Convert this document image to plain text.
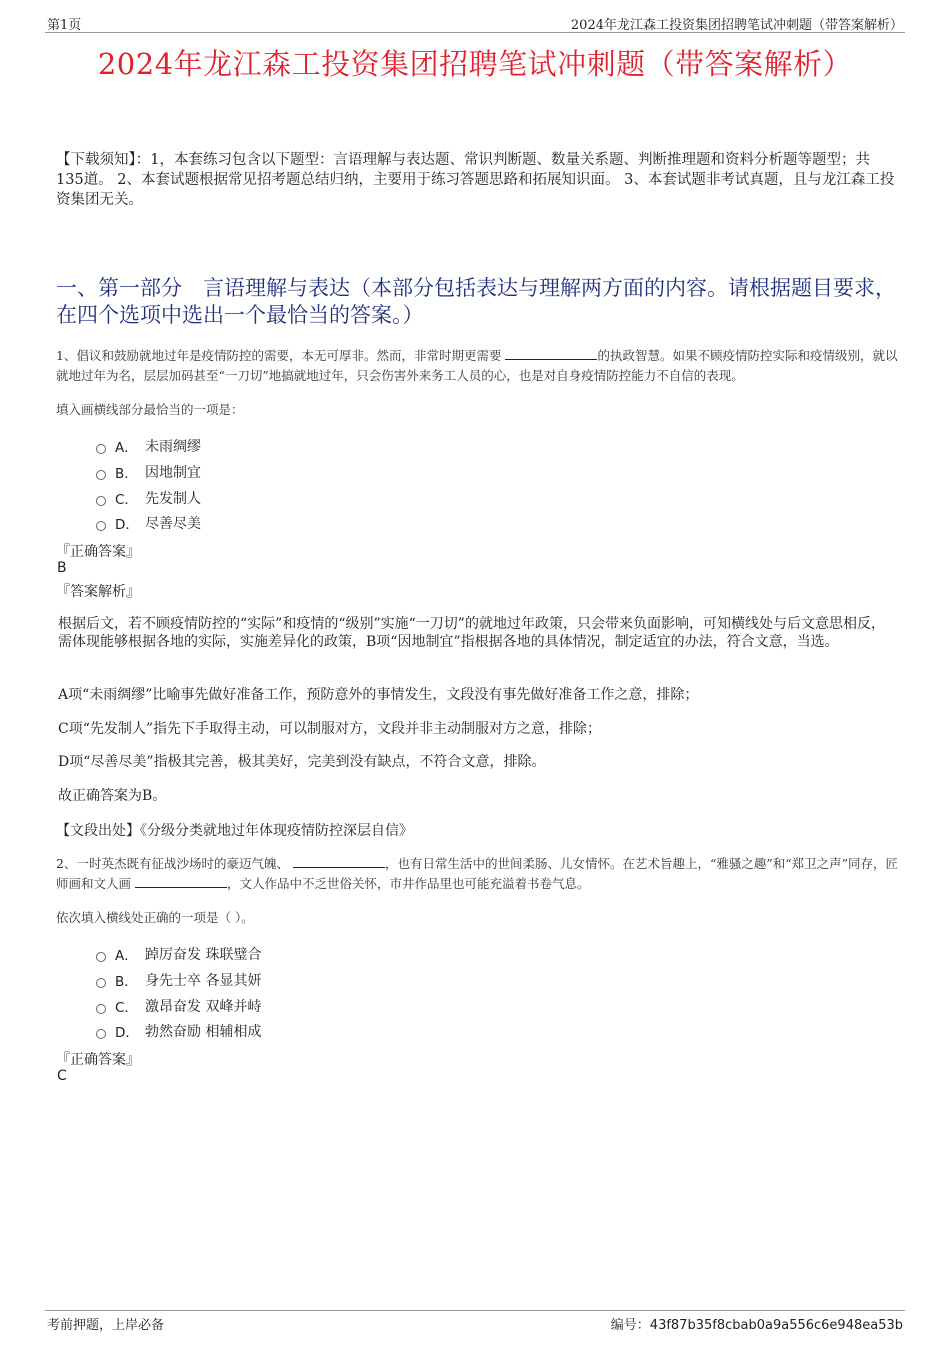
第1页	2024年龙江森工投资集团招聘笔试冲刺题（带答案解析）
2024年龙江森工投资集团招聘笔试冲刺题（带答案解析）
【下载须知】：1，本套练习包含以下题型：言语理解与表达题、常识判断题、数量关系题、判断推理题和资料分析题等题型；共135道。 2、本套试题根据常见招考题总结归纳，主要用于练习答题思路和拓展知识面。 3、本套试题非考试真题，且与龙江森工投资集团无关。
一、第一部分　言语理解与表达（本部分包括表达与理解两方面的内容。请根据题目要求，在四个选项中选出一个最恰当的答案。）
1、倡议和鼓励就地过年是疫情防控的需要，本无可厚非。然而，非常时期更需要	的执政智慧。如果不顾疫情防控实际和疫情级别，就以就地过年为名，层层加码甚至“一刀切”地搞就地过年，只会伤害外来务工人员的心，也是对自身疫情防控能力不自信的表现。
填入画横线部分最恰当的一项是：
A． 未雨绸缪
B． 因地制宜
C． 先发制人
D． 尽善尽美
『正确答案』
B
『答案解析』
根据后文，若不顾疫情防控的“实际”和疫情的“级别”实施“一刀切”的就地过年政策，只会带来负面影响，可知横线处与后文意思相反，需体现能够根据各地的实际，实施差异化的政策，B项“因地制宜”指根据各地的具体情况，制定适宜的办法，符合文意，当选。
A项“未雨绸缪”比喻事先做好准备工作，预防意外的事情发生，文段没有事先做好准备工作之意，排除；
C项“先发制人”指先下手取得主动，可以制服对方，文段并非主动制服对方之意，排除；
D项“尽善尽美”指极其完善，极其美好，完美到没有缺点，不符合文意，排除。
故正确答案为B。
【文段出处】《分级分类就地过年体现疫情防控深层自信》
2、一时英杰既有征战沙场时的豪迈气魄、	，也有日常生活中的世间柔肠、儿女情怀。在艺术旨趣上，“雅骚之趣”和“郑卫之声”同存，匠师画和文人画	，文人作品中不乏世俗关怀，市井作品里也可能充溢着书卷气息。
依次填入横线处正确的一项是（ ）。
A． 踔厉奋发 珠联璧合
B． 身先士卒 各显其妍
C． 激昂奋发 双峰并峙
D． 勃然奋励 相辅相成
『正确答案』
C
考前押题，上岸必备	编号：43f87b35f8cbab0a9a556c6e948ea53b
